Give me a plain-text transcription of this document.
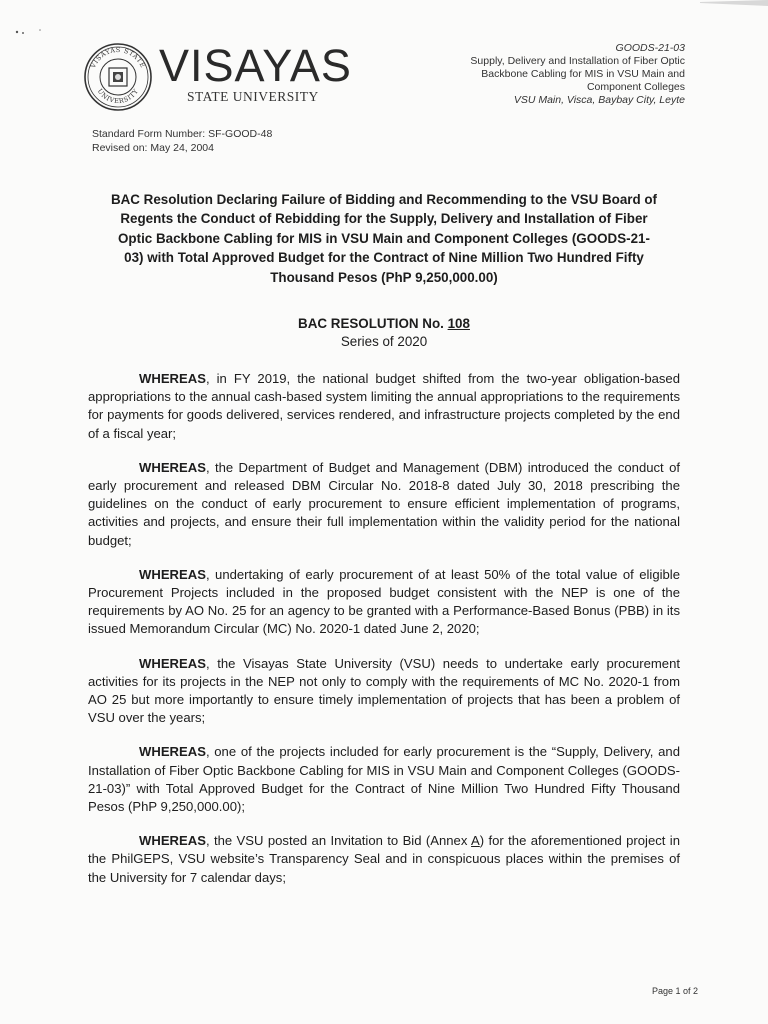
VISAYAS STATE
UNIVERSITY
VISAYAS
STATE UNIVERSITY
GOODS-21-03
Supply, Delivery and Installation of Fiber Optic
Backbone Cabling for MIS in VSU Main and
Component Colleges
VSU Main, Visca, Baybay City, Leyte
Standard Form Number: SF-GOOD-48
Revised on: May 24, 2004
BAC Resolution Declaring Failure of Bidding and Recommending to the VSU Board of
Regents the Conduct of Rebidding for the Supply, Delivery and Installation of Fiber
Optic Backbone Cabling for MIS in VSU Main and Component Colleges (GOODS-21-
03) with Total Approved Budget for the Contract of Nine Million Two Hundred Fifty
Thousand Pesos (PhP 9,250,000.00)
BAC RESOLUTION No. 108
Series of 2020

WHEREAS, in FY 2019, the national budget shifted from the two-year obligation-based appropriations to the annual cash-based system limiting the annual appropriations to the requirements for payments for goods delivered, services rendered, and infrastructure projects completed by the end of a fiscal year;

WHEREAS, the Department of Budget and Management (DBM) introduced the conduct of early procurement and released DBM Circular No. 2018-8 dated July 30, 2018 prescribing the guidelines on the conduct of early procurement to ensure efficient implementation of programs, activities and projects, and ensure their full implementation within the validity period for the national budget;

WHEREAS, undertaking of early procurement of at least 50% of the total value of eligible Procurement Projects included in the proposed budget consistent with the NEP is one of the requirements by AO No. 25 for an agency to be granted with a Performance-Based Bonus (PBB) in its issued Memorandum Circular (MC) No. 2020-1 dated June 2, 2020;

WHEREAS, the Visayas State University (VSU) needs to undertake early procurement activities for its projects in the NEP not only to comply with the requirements of MC No. 2020-1 from AO 25 but more importantly to ensure timely implementation of projects that has been a problem of VSU over the years;

WHEREAS, one of the projects included for early procurement is the “Supply, Delivery, and Installation of Fiber Optic Backbone Cabling for MIS in VSU Main and Component Colleges (GOODS-21-03)” with Total Approved Budget for the Contract of Nine Million Two Hundred Fifty Thousand Pesos (PhP 9,250,000.00);

WHEREAS, the VSU posted an Invitation to Bid (Annex A) for the aforementioned project in the PhilGEPS, VSU website’s Transparency Seal and in conspicuous places within the premises of the University for 7 calendar days;

Page 1 of 2
